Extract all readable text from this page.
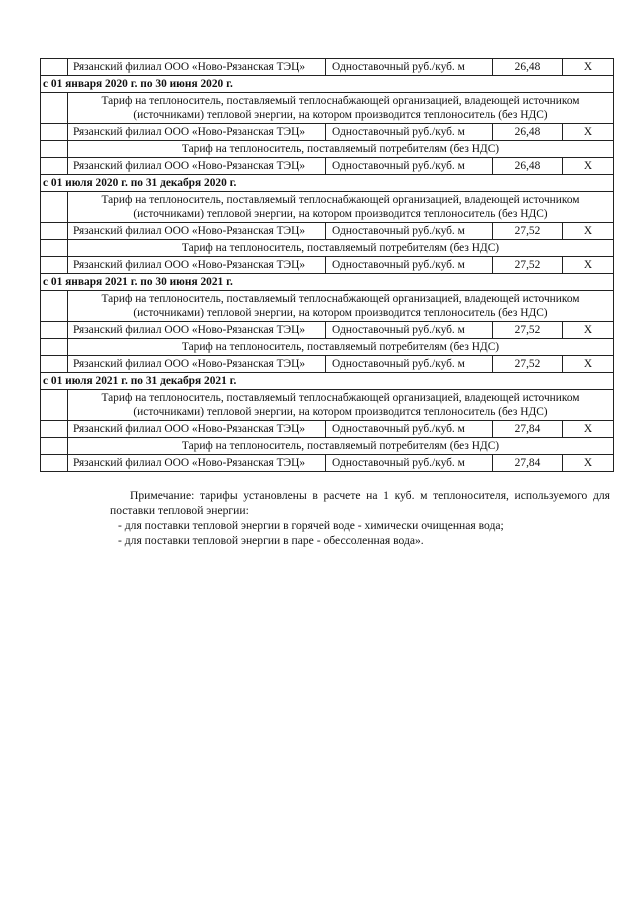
	Рязанский филиал ООО «Ново-Рязанская ТЭЦ»	Одноставочный руб./куб. м	26,48	X
с 01 января 2020 г. по 30 июня 2020 г.				
	Тариф на теплоноситель, поставляемый теплоснабжающей организацией, владеющей источником (источниками) тепловой энергии, на котором производится теплоноситель (без НДС)			
	Рязанский филиал ООО «Ново-Рязанская ТЭЦ»	Одноставочный руб./куб. м	26,48	X
	Тариф на теплоноситель, поставляемый потребителям (без НДС)			
	Рязанский филиал ООО «Ново-Рязанская ТЭЦ»	Одноставочный руб./куб. м	26,48	X
с 01 июля 2020 г. по 31 декабря 2020 г.				
	Тариф на теплоноситель, поставляемый теплоснабжающей организацией, владеющей источником (источниками) тепловой энергии, на котором производится теплоноситель (без НДС)			
	Рязанский филиал ООО «Ново-Рязанская ТЭЦ»	Одноставочный руб./куб. м	27,52	X
	Тариф на теплоноситель, поставляемый потребителям (без НДС)			
	Рязанский филиал ООО «Ново-Рязанская ТЭЦ»	Одноставочный руб./куб. м	27,52	X
с 01 января 2021 г. по 30 июня 2021 г.				
	Тариф на теплоноситель, поставляемый теплоснабжающей организацией, владеющей источником (источниками) тепловой энергии, на котором производится теплоноситель (без НДС)			
	Рязанский филиал ООО «Ново-Рязанская ТЭЦ»	Одноставочный руб./куб. м	27,52	X
	Тариф на теплоноситель, поставляемый потребителям (без НДС)			
	Рязанский филиал ООО «Ново-Рязанская ТЭЦ»	Одноставочный руб./куб. м	27,52	X
с 01 июля 2021 г. по 31 декабря 2021 г.				
	Тариф на теплоноситель, поставляемый теплоснабжающей организацией, владеющей источником (источниками) тепловой энергии, на котором производится теплоноситель (без НДС)			
	Рязанский филиал ООО «Ново-Рязанская ТЭЦ»	Одноставочный руб./куб. м	27,84	X
	Тариф на теплоноситель, поставляемый потребителям (без НДС)			
	Рязанский филиал ООО «Ново-Рязанская ТЭЦ»	Одноставочный руб./куб. м	27,84	X

Примечание: тарифы установлены в расчете на 1 куб. м теплоносителя, используемого для поставки тепловой энергии:

- для поставки тепловой энергии в горячей воде - химически очищенная вода;

- для поставки тепловой энергии в паре - обессоленная вода».
